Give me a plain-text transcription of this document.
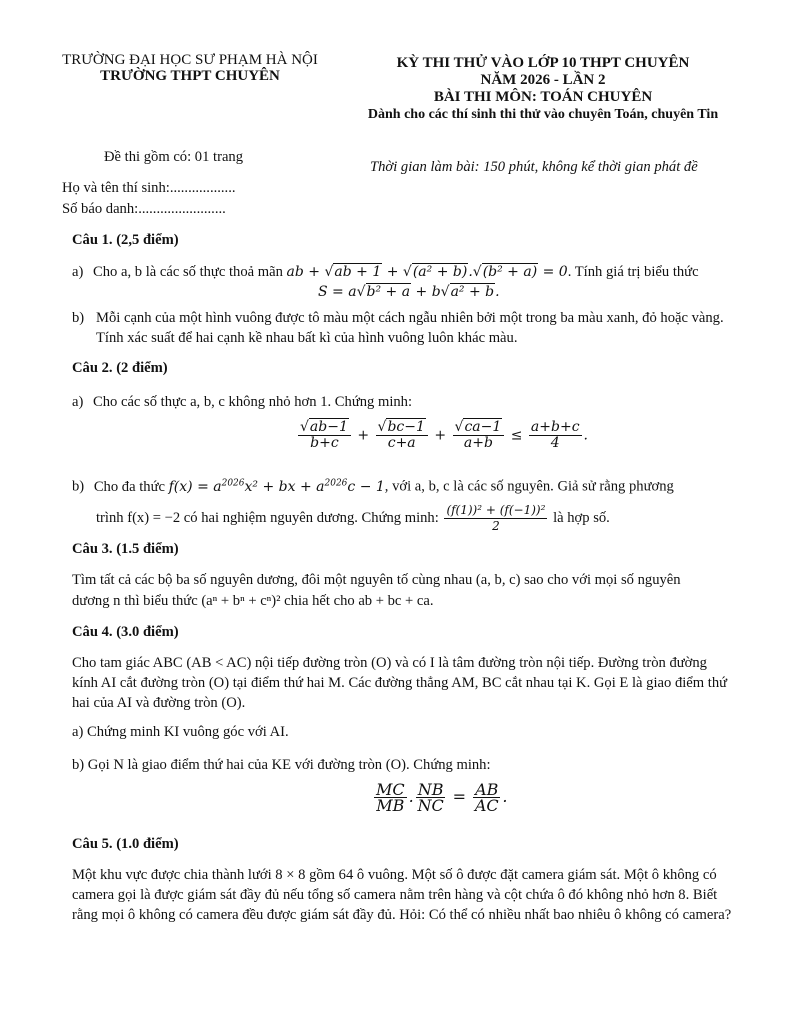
TRƯỜNG ĐẠI HỌC SƯ PHẠM HÀ NỘI
TRƯỜNG THPT CHUYÊN
KỲ THI THỬ VÀO LỚP 10 THPT CHUYÊN
NĂM 2026 - LẦN 2
BÀI THI MÔN: TOÁN CHUYÊN
Dành cho các thí sinh thi thử vào chuyên Toán, chuyên Tin
Đề thi gồm có: 01 trang
Thời gian làm bài: 150 phút, không kể thời gian phát đề
Họ và tên thí sinh:..................
Số báo danh:........................
Câu 1. (2,5 điểm)
a) Cho a, b là các số thực thoả mãn ab + √ab + 1 + √(a² + b).√(b² + a) = 0. Tính giá trị biểu thức
S = a√b² + a + b√a² + b.
b) Mỗi cạnh của một hình vuông được tô màu một cách ngẫu nhiên bởi một trong ba màu xanh, đỏ hoặc vàng. Tính xác suất để hai cạnh kề nhau bất kì của hình vuông luôn khác màu.
Câu 2. (2 điểm)
a) Cho các số thực a, b, c không nhỏ hơn 1. Chứng minh:
$\frac{√ab-1}{b+c} + \frac{√bc-1}{c+a} + \frac{√ca-1}{a+b} \le \frac{a+b+c}{4}$ .
b) Cho đa thức $f(x) = a^{2026}x^2$ + bx + $a^{2026}c - 1$, với a, b, c là các số nguyên. Giả sử rằng phương
trình f(x) = −2 có hai nghiệm nguyên dương. Chứng minh: $\frac{\text{(f(1))² + (f(−1))²}}{2}$ là hợp số.
Câu 3. (1.5 điểm)
Tìm tất cả các bộ ba số nguyên dương, đôi một nguyên tố cùng nhau (a, b, c) sao cho với mọi số nguyên
dương n thì biểu thức (aⁿ + bⁿ + cⁿ)² chia hết cho ab + bc + ca.
Câu 4. (3.0 điểm)
Cho tam giác ABC (AB < AC) nội tiếp đường tròn (O) và có I là tâm đường tròn nội tiếp. Đường tròn đường kính AI cắt đường tròn (O) tại điểm thứ hai M. Các đường thẳng AM, BC cắt nhau tại K. Gọi E là giao điểm thứ hai của AI và đường tròn (O).
a) Chứng minh KI vuông góc với AI.
b) Gọi N là giao điểm thứ hai của KE với đường tròn (O). Chứng minh:
$\frac{MC}{MB}$ . $\frac{NB}{NC} = \frac{AB}{AC}$ .
Câu 5. (1.0 điểm)
Một khu vực được chia thành lưới 8 × 8 gồm 64 ô vuông. Một số ô được đặt camera giám sát. Một ô không có camera gọi là được giám sát đầy đủ nếu tổng số camera nằm trên hàng và cột chứa ô đó không nhỏ hơn 8. Biết rằng mọi ô không có camera đều được giám sát đầy đủ. Hỏi: Có thể có nhiều nhất bao nhiêu ô không có camera?
